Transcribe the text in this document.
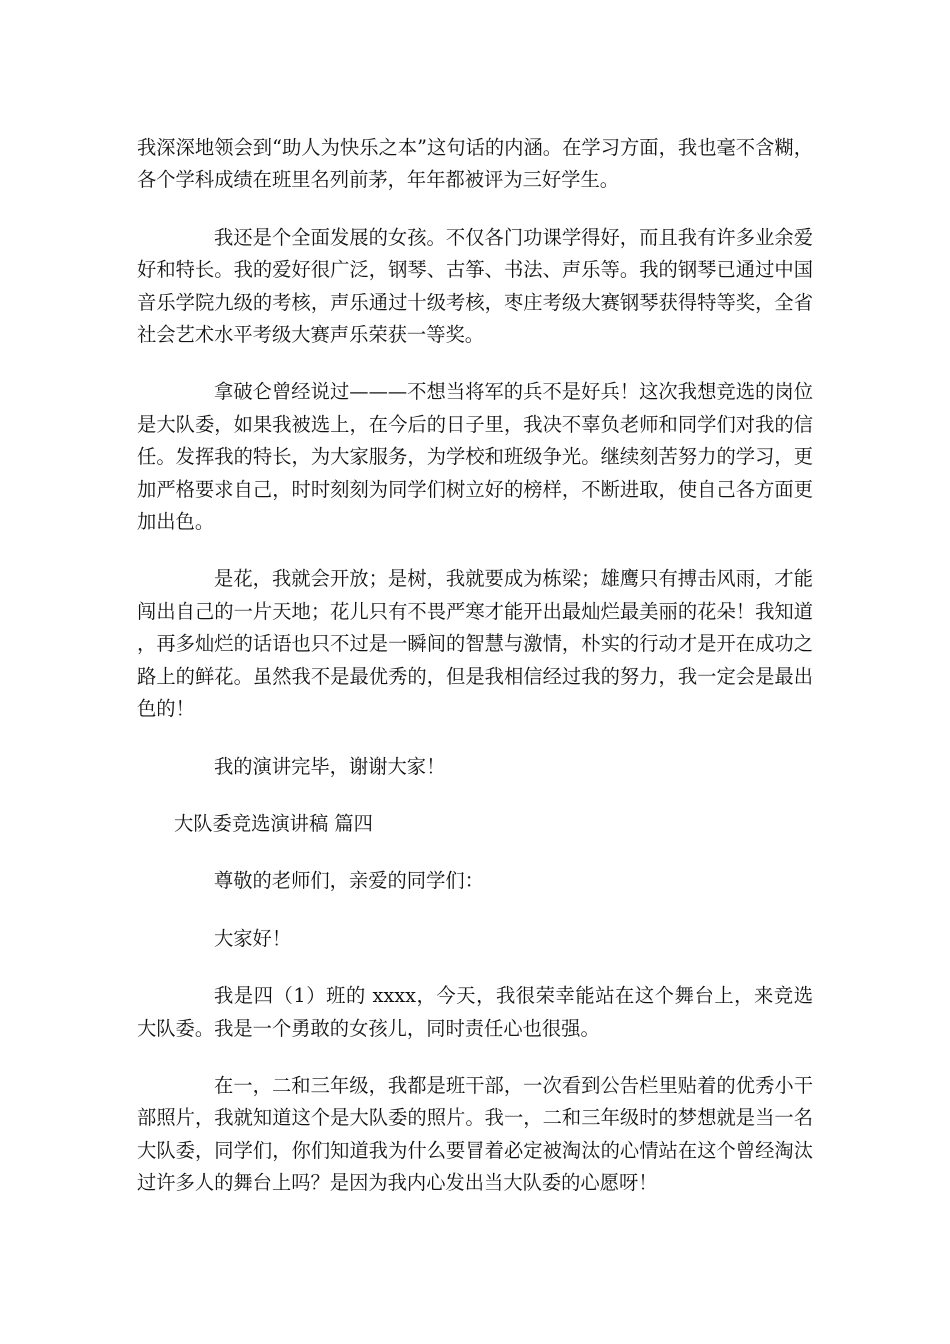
我深深地领会到“助人为快乐之本”这句话的内涵。在学习方面，我也毫不含糊，各个学科成绩在班里名列前茅，年年都被评为三好学生。

我还是个全面发展的女孩。不仅各门功课学得好，而且我有许多业余爱好和特长。我的爱好很广泛，钢琴、古筝、书法、声乐等。我的钢琴已通过中国音乐学院九级的考核，声乐通过十级考核，枣庄考级大赛钢琴获得特等奖，全省社会艺术水平考级大赛声乐荣获一等奖。

拿破仑曾经说过———不想当将军的兵不是好兵！这次我想竞选的岗位是大队委，如果我被选上，在今后的日子里，我决不辜负老师和同学们对我的信任。发挥我的特长，为大家服务，为学校和班级争光。继续刻苦努力的学习，更加严格要求自己，时时刻刻为同学们树立好的榜样，不断进取，使自己各方面更加出色。

是花，我就会开放；是树，我就要成为栋梁；雄鹰只有搏击风雨，才能闯出自己的一片天地；花儿只有不畏严寒才能开出最灿烂最美丽的花朵！我知道，再多灿烂的话语也只不过是一瞬间的智慧与激情，朴实的行动才是开在成功之路上的鲜花。虽然我不是最优秀的，但是我相信经过我的努力，我一定会是最出色的！

我的演讲完毕，谢谢大家！

大队委竞选演讲稿 篇四

尊敬的老师们，亲爱的同学们：

大家好！

我是四（1）班的 xxxx，今天，我很荣幸能站在这个舞台上，来竞选大队委。我是一个勇敢的女孩儿，同时责任心也很强。

在一，二和三年级，我都是班干部，一次看到公告栏里贴着的优秀小干部照片，我就知道这个是大队委的照片。我一，二和三年级时的梦想就是当一名大队委，同学们，你们知道我为什么要冒着必定被淘汰的心情站在这个曾经淘汰过许多人的舞台上吗？是因为我内心发出当大队委的心愿呀！
